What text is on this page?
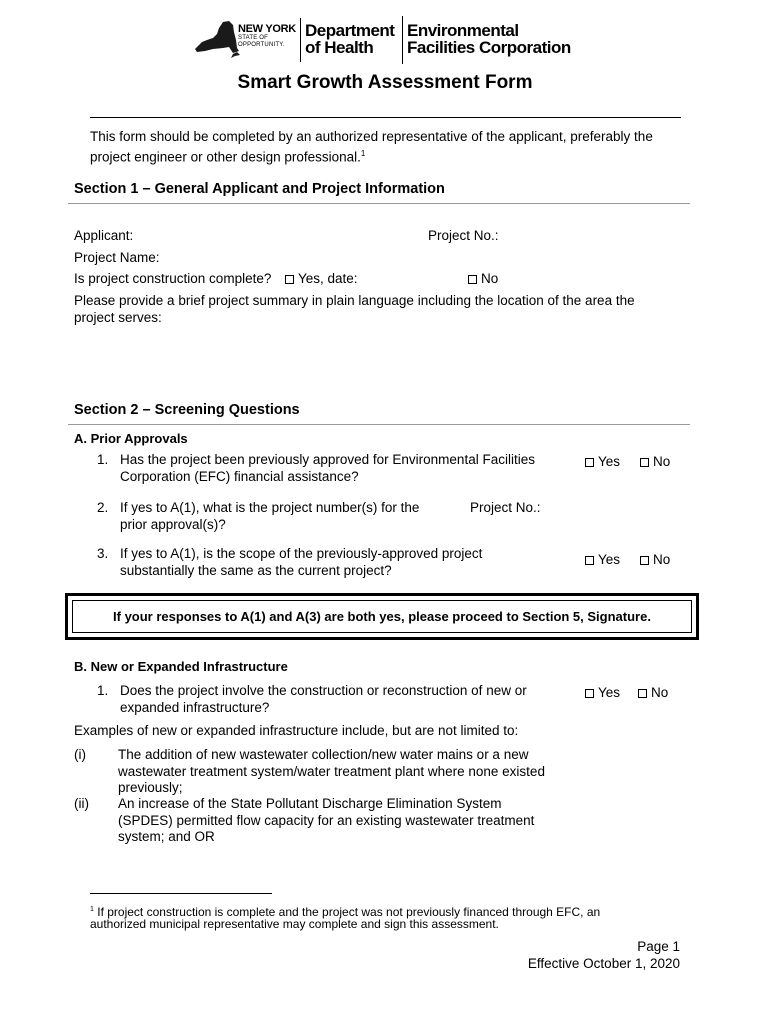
NEW YORK
STATE OF
OPPORTUNITY.
Department
of Health
Environmental
Facilities Corporation
Smart Growth Assessment Form
This form should be completed by an authorized representative of the applicant, preferably the
project engineer or other design professional.$^1$
Section 1 – General Applicant and Project Information
Applicant:	Project No.:
Project Name:
Is project construction complete?	Yes, date:	No
Please provide a brief project summary in plain language including the location of the area the
project serves:
Section 2 – Screening Questions
A. Prior Approvals
1. Has the project been previously approved for Environmental Facilities
Corporation (EFC) financial assistance?
Yes	No
2. If yes to A(1), what is the project number(s) for the
prior approval(s)?
Project No.:
3. If yes to A(1), is the scope of the previously-approved project
substantially the same as the current project?
Yes	No
If your responses to A(1) and A(3) are both yes, please proceed to Section 5, Signature.
B. New or Expanded Infrastructure
1. Does the project involve the construction or reconstruction of new or
expanded infrastructure?
Yes	No
Examples of new or expanded infrastructure include, but are not limited to:
(i) The addition of new wastewater collection/new water mains or a new
wastewater treatment system/water treatment plant where none existed
previously;
(ii) An increase of the State Pollutant Discharge Elimination System
(SPDES) permitted flow capacity for an existing wastewater treatment
system; and OR
$^1$ If project construction is complete and the project was not previously financed through EFC, an
authorized municipal representative may complete and sign this assessment.
Page 1
Effective October 1, 2020
